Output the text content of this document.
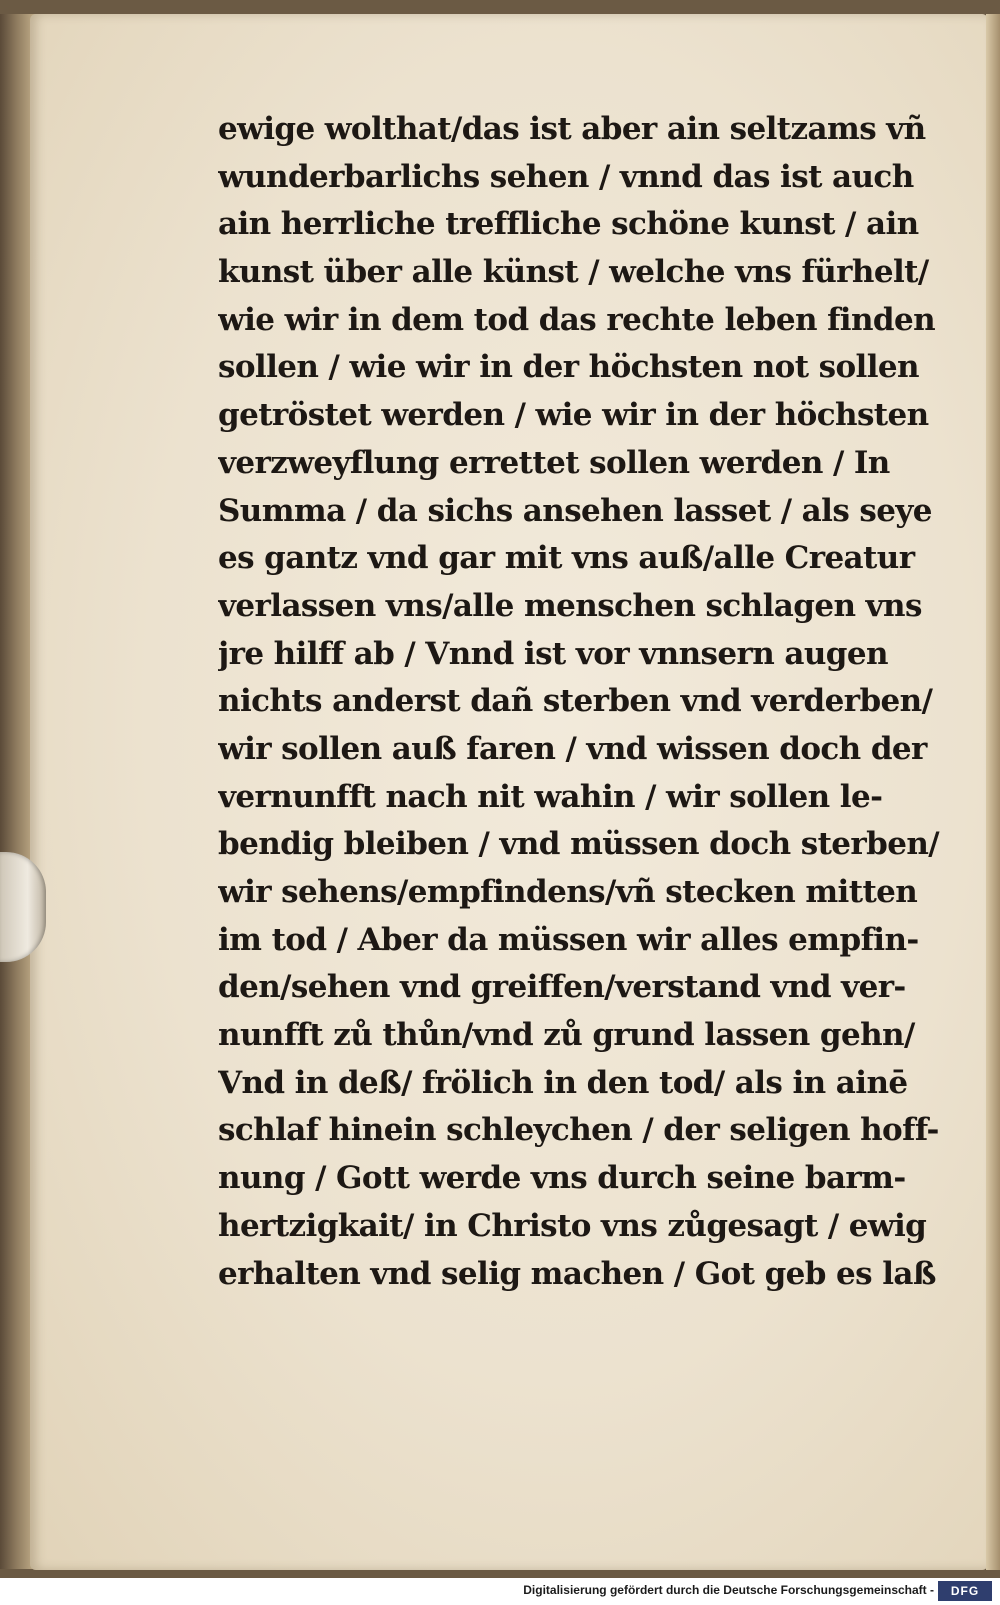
ewige wolthat/das ist aber ain seltzams vñ
wunderbarlichs sehen / vnnd das ist auch
ain herrliche treffliche schöne kunst / ain
kunst über alle künst / welche vns fürhelt/
wie wir in dem tod das rechte leben finden
sollen / wie wir in der höchsten not sollen
getröstet werden / wie wir in der höchsten
verzweyflung errettet sollen werden / In
Summa / da sichs ansehen lasset / als seye
es gantz vnd gar mit vns auß/alle Creatur
verlassen vns/alle menschen schlagen vns
jre hilff ab / Vnnd ist vor vnnsern augen
nichts anderst dañ sterben vnd verderben/
wir sollen auß faren / vnd wissen doch der
vernunfft nach nit wahin / wir sollen le-
bendig bleiben / vnd müssen doch sterben/
wir sehens/empfindens/vñ stecken mitten
im tod / Aber da müssen wir alles empfin-
den/sehen vnd greiffen/verstand vnd ver-
nunfft zů thůn/vnd zů grund lassen gehn/
Vnd in deß/ frölich in den tod/ als in ainē
schlaf hinein schleychen / der seligen hoff-
nung / Gott werde vns durch seine barm-
hertzigkait/ in Christo vns zůgesagt / ewig
erhalten vnd selig machen / Got geb es laß
Digitalisierung gefördert durch die Deutsche Forschungsgemeinschaft -	DFG
